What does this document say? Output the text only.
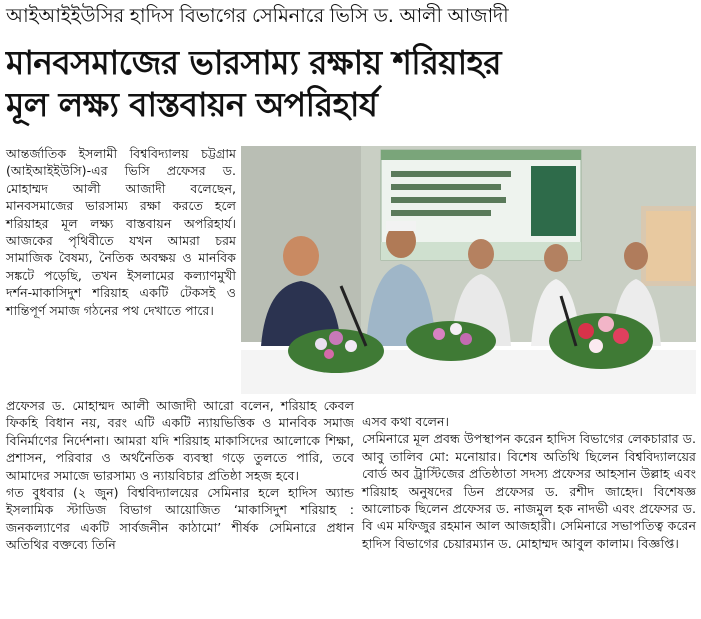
আইআইইউসির হাদিস বিভাগের সেমিনারে ভিসি ড. আলী আজাদী
মানবসমাজের ভারসাম্য রক্ষায় শরিয়াহর
মূল লক্ষ্য বাস্তবায়ন অপরিহার্য

আন্তর্জাতিক ইসলামী বিশ্ববিদ্যালয় চট্টগ্রাম (আইআইইউসি)-এর ভিসি প্রফেসর ড. মোহাম্মদ আলী আজাদী বলেছেন, মানবসমাজের ভারসাম্য রক্ষা করতে হলে শরিয়াহর মূল লক্ষ্য বাস্তবায়ন অপরিহার্য। আজকের পৃথিবীতে যখন আমরা চরম সামাজিক বৈষম্য, নৈতিক অবক্ষয় ও মানবিক সঙ্কটে পড়েছি, তখন ইসলামের কল্যাণমুখী দর্শন-মাকাসিদুশ শরিয়াহ একটি টেকসই ও শান্তিপূর্ণ সমাজ গঠনের পথ দেখাতে পারে।

প্রফেসর ড. মোহাম্মদ আলী আজাদী আরো বলেন, শরিয়াহ কেবল ফিকহি বিধান নয়, বরং এটি একটি ন্যায়ভিত্তিক ও মানবিক সমাজ বিনির্মাণের নির্দেশনা। আমরা যদি শরিয়াহ মাকাসিদের আলোকে শিক্ষা, প্রশাসন, পরিবার ও অর্থনৈতিক ব্যবস্থা গড়ে তুলতে পারি, তবে আমাদের সমাজে ভারসাম্য ও ন্যায়বিচার প্রতিষ্ঠা সহজ হবে।

গত বুধবার (২ জুন) বিশ্ববিদ্যালয়ের সেমিনার হলে হাদিস অ্যান্ড ইসলামিক স্টাডিজ বিভাগ আয়োজিত ‘মাকাসিদুশ শরিয়াহ : জনকল্যাণের একটি সার্বজনীন কাঠামো’ শীর্ষক সেমিনারে প্রধান অতিথির বক্তব্যে তিনি

এসব কথা বলেন।

সেমিনারে মূল প্রবন্ধ উপস্থাপন করেন হাদিস বিভাগের লেকচারার ড. আবু তালিব মো: মনোয়ার। বিশেষ অতিথি ছিলেন বিশ্ববিদ্যালয়ের বোর্ড অব ট্রাস্টিজের প্রতিষ্ঠাতা সদস্য প্রফেসর আহসান উল্লাহ এবং শরিয়াহ অনুষদের ডিন প্রফেসর ড. রশীদ জাহেদ। বিশেষজ্ঞ আলোচক ছিলেন প্রফেসর ড. নাজমুল হক নাদভী এবং প্রফেসর ড. বি এম মফিজুর রহমান আল আজহারী। সেমিনারে সভাপতিত্ব করেন হাদিস বিভাগের চেয়ারম্যান ড. মোহাম্মদ আবুল কালাম। বিজ্ঞপ্তি।
